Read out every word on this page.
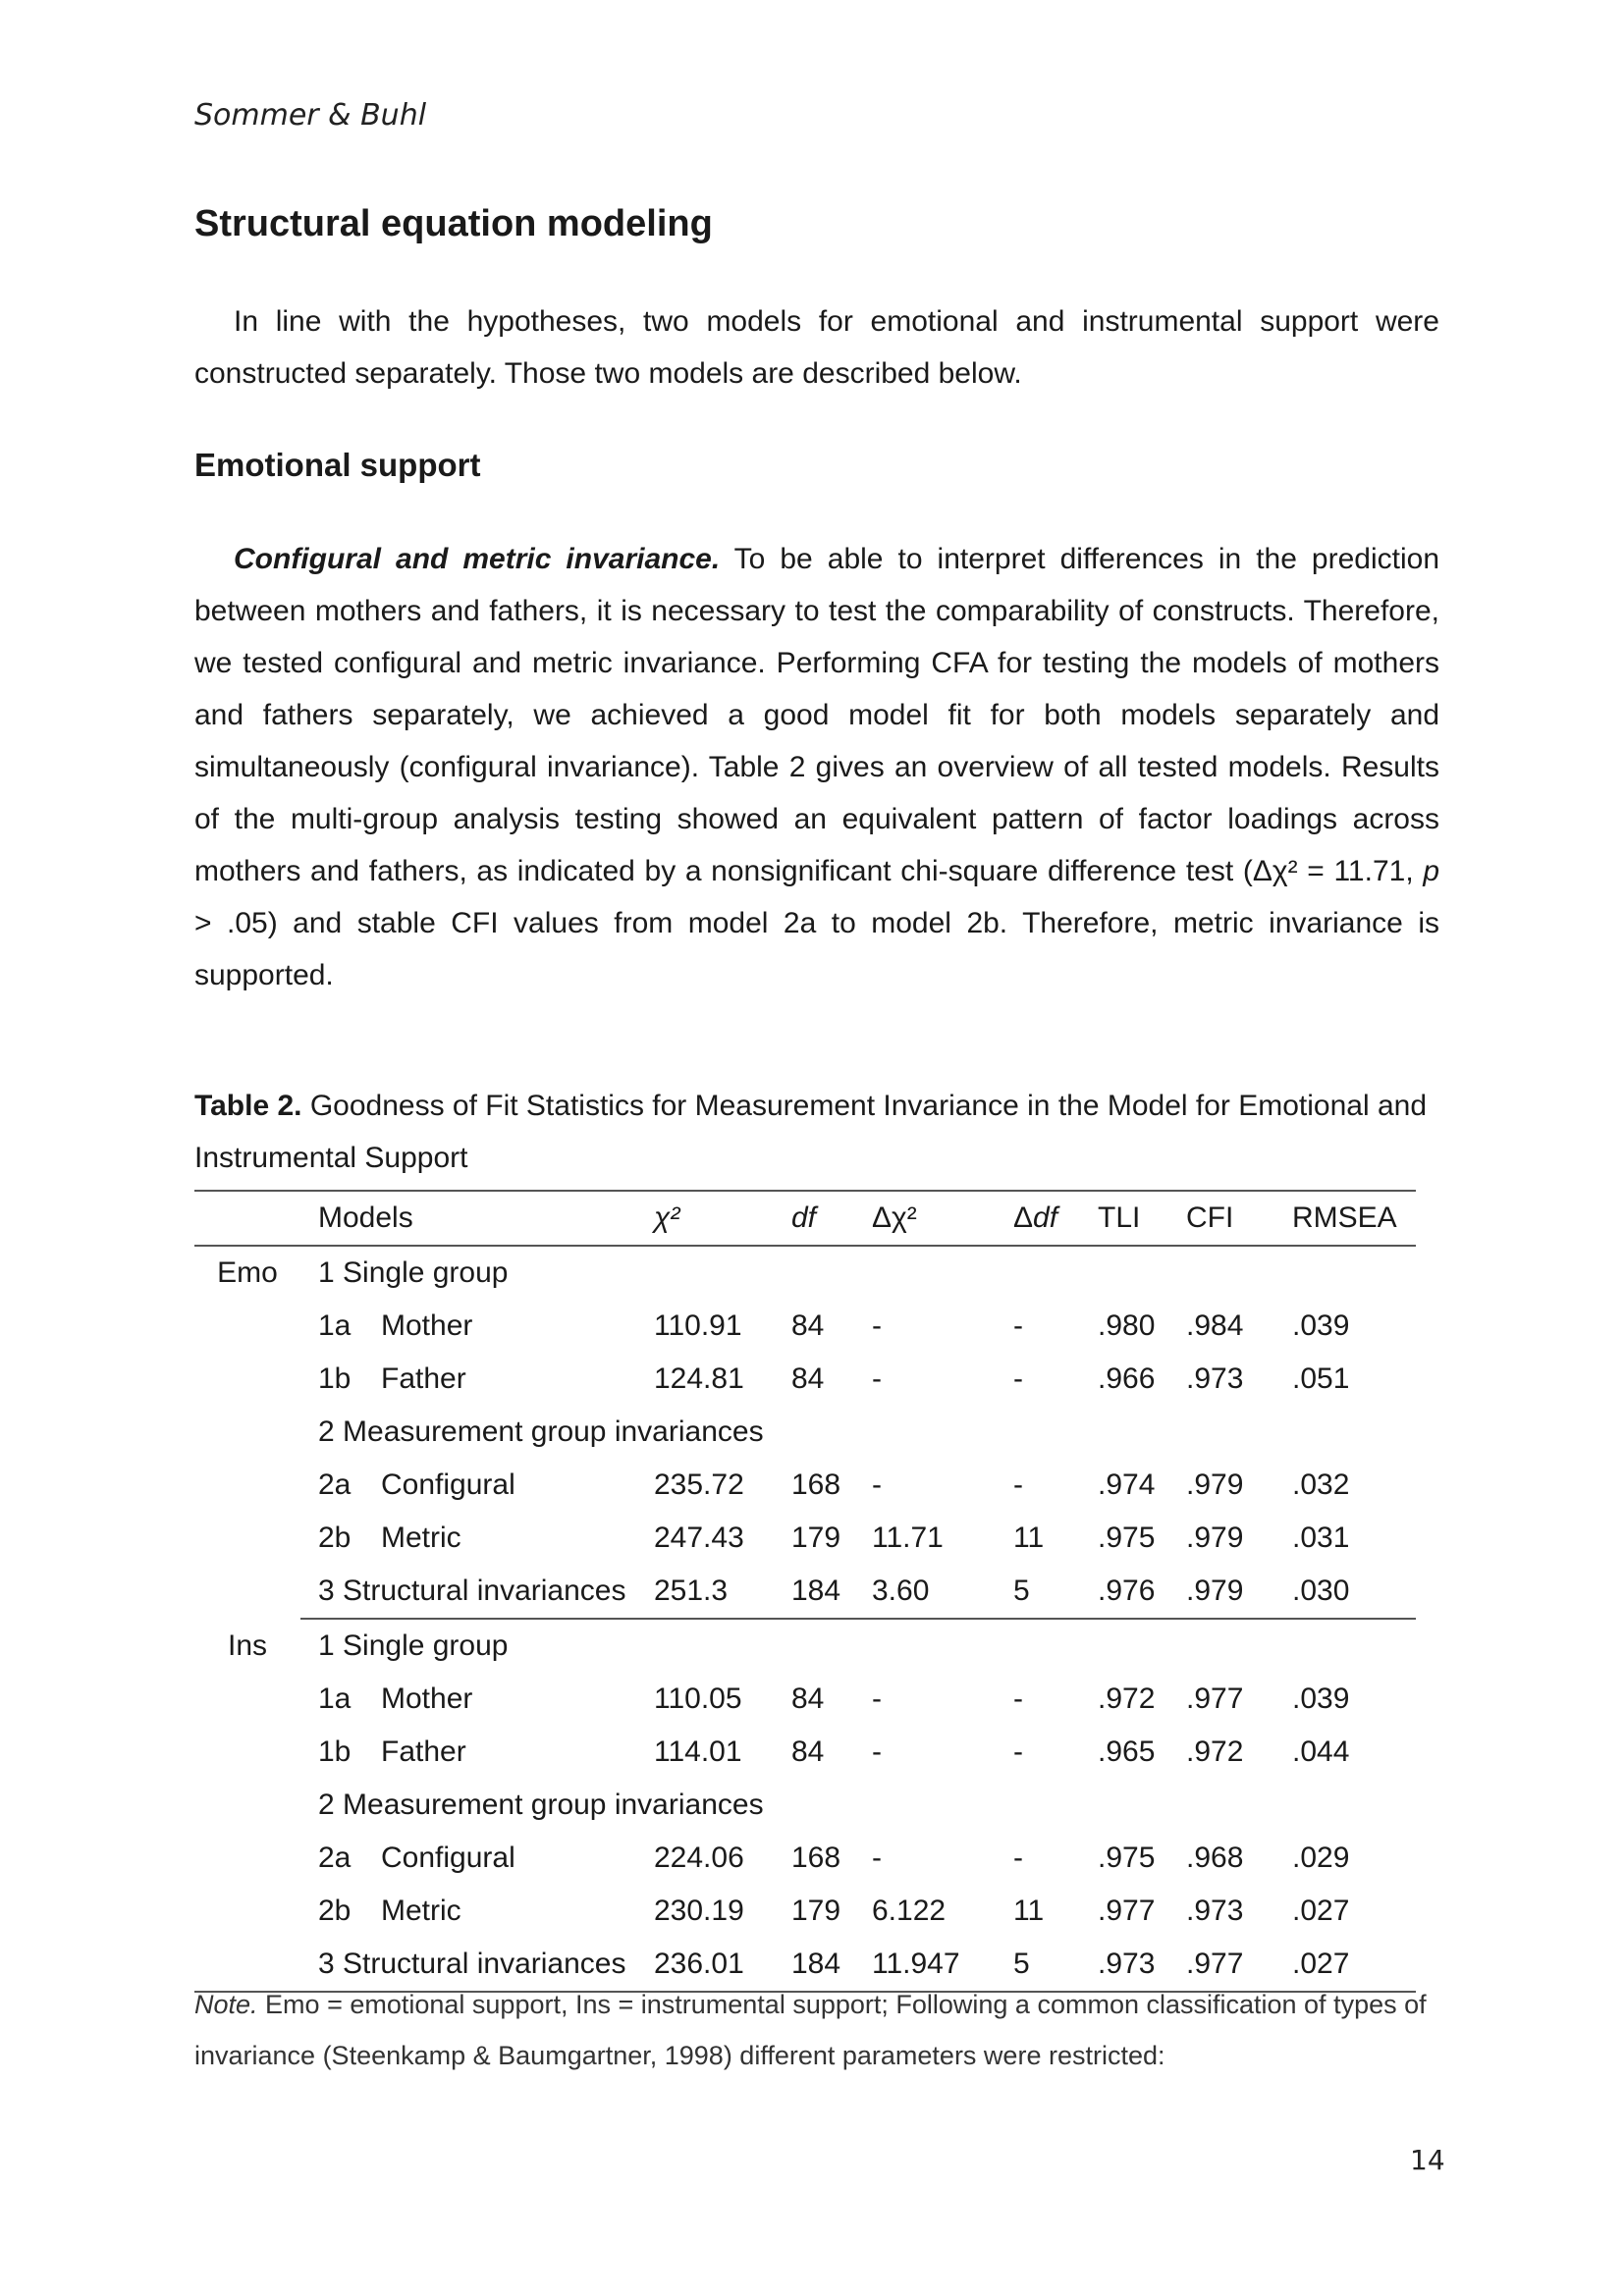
Sommer & Buhl
Structural equation modeling

In line with the hypotheses, two models for emotional and instrumental support were constructed separately. Those two models are described below.

Emotional support

Configural and metric invariance. To be able to interpret differences in the prediction between mothers and fathers, it is necessary to test the comparability of constructs. Therefore, we tested configural and metric invariance. Performing CFA for testing the models of mothers and fathers separately, we achieved a good model fit for both models separately and simultaneously (configural invariance). Table 2 gives an overview of all tested models. Results of the multi-group analysis testing showed an equivalent pattern of factor loadings across mothers and fathers, as indicated by a nonsignificant chi-square difference test (Δχ² = 11.71, p > .05) and stable CFI values from model 2a to model 2b. Therefore, metric invariance is supported.

Table 2. Goodness of Fit Statistics for Measurement Invariance in the Model for Emotional and Instrumental Support

	Models		χ²	df	Δχ²	Δdf	TLI	CFI	RMSEA
Emo	1 Single group								
	1a	Mother	110.91	84	-	-	.980	.984	.039
	1b	Father	124.81	84	-	-	.966	.973	.051
	2 Measurement group invariances								
	2a	Configural	235.72	168	-	-	.974	.979	.032
	2b	Metric	247.43	179	11.71	11	.975	.979	.031
	3 Structural invariances		251.3	184	3.60	5	.976	.979	.030
Ins	1 Single group								
	1a	Mother	110.05	84	-	-	.972	.977	.039
	1b	Father	114.01	84	-	-	.965	.972	.044
	2 Measurement group invariances								
	2a	Configural	224.06	168	-	-	.975	.968	.029
	2b	Metric	230.19	179	6.122	11	.977	.973	.027
	3 Structural invariances		236.01	184	11.947	5	.973	.977	.027

Note. Emo = emotional support, Ins = instrumental support; Following a common classification of types of invariance (Steenkamp & Baumgartner, 1998) different parameters were restricted:

14
